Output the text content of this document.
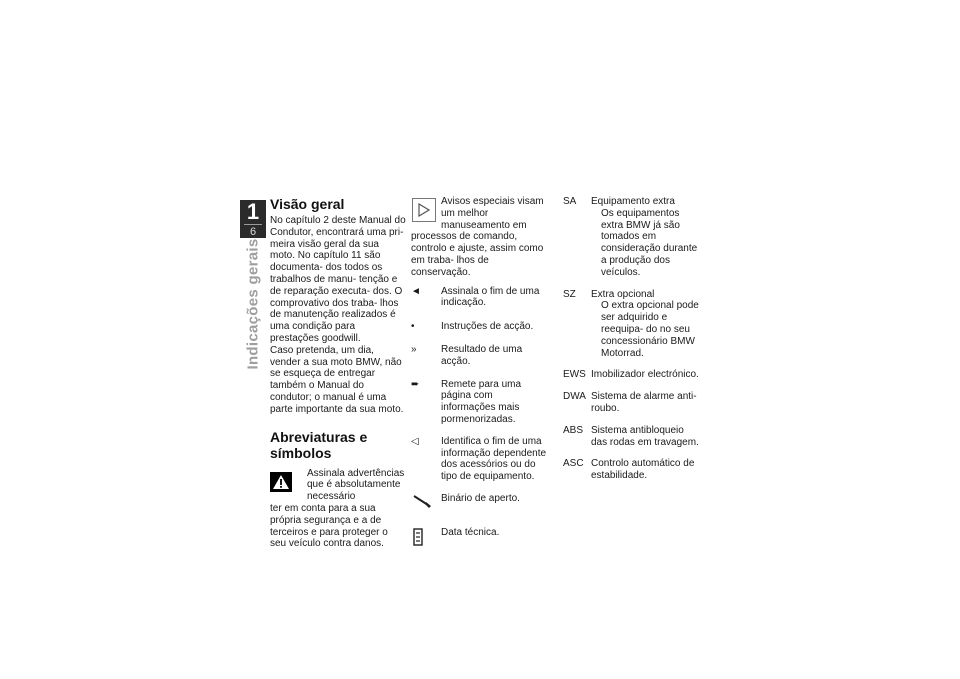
1
6
Indicações gerais
Visão geral

No capítulo 2 deste Manual do Condutor, encontrará uma pri- meira visão geral da sua moto. No capítulo 11 são documenta- dos todos os trabalhos de manu- tenção e de reparação executa- dos. O comprovativo dos traba- lhos de manutenção realizados é uma condição para prestações goodwill.

Caso pretenda, um dia, vender a sua moto BMW, não se esqueça de entregar também o Manual do condutor; o manual é uma parte importante da sua moto.

Abreviaturas e símbolos
Assinala advertências que é absolutamente necessário
ter em conta para a sua própria segurança e a de terceiros e para proteger o seu veículo contra danos.
Avisos especiais visam um melhor manuseamento em
processos de comando, controlo e ajuste, assim como em traba- lhos de conservação.
◄	Assinala o fim de uma indicação.
•	Instruções de acção.
»	Resultado de uma acção.
➨	Remete para uma página com informações mais pormenorizadas.
◁	Identifica o fim de uma informação dependente dos acessórios ou do tipo de equipamento.
Binário de aperto.
Data técnica.
SA	Equipamento extra
Os equipamentos extra BMW já são tomados em consideração durante a produção dos veículos.
SZ	Extra opcional
O extra opcional pode ser adquirido e reequipa- do no seu concessionário BMW Motorrad.
EWS Imobilizador electrónico.
DWA Sistema de alarme anti- roubo.
ABS Sistema antibloqueio das rodas em travagem.
ASC Controlo automático de estabilidade.
